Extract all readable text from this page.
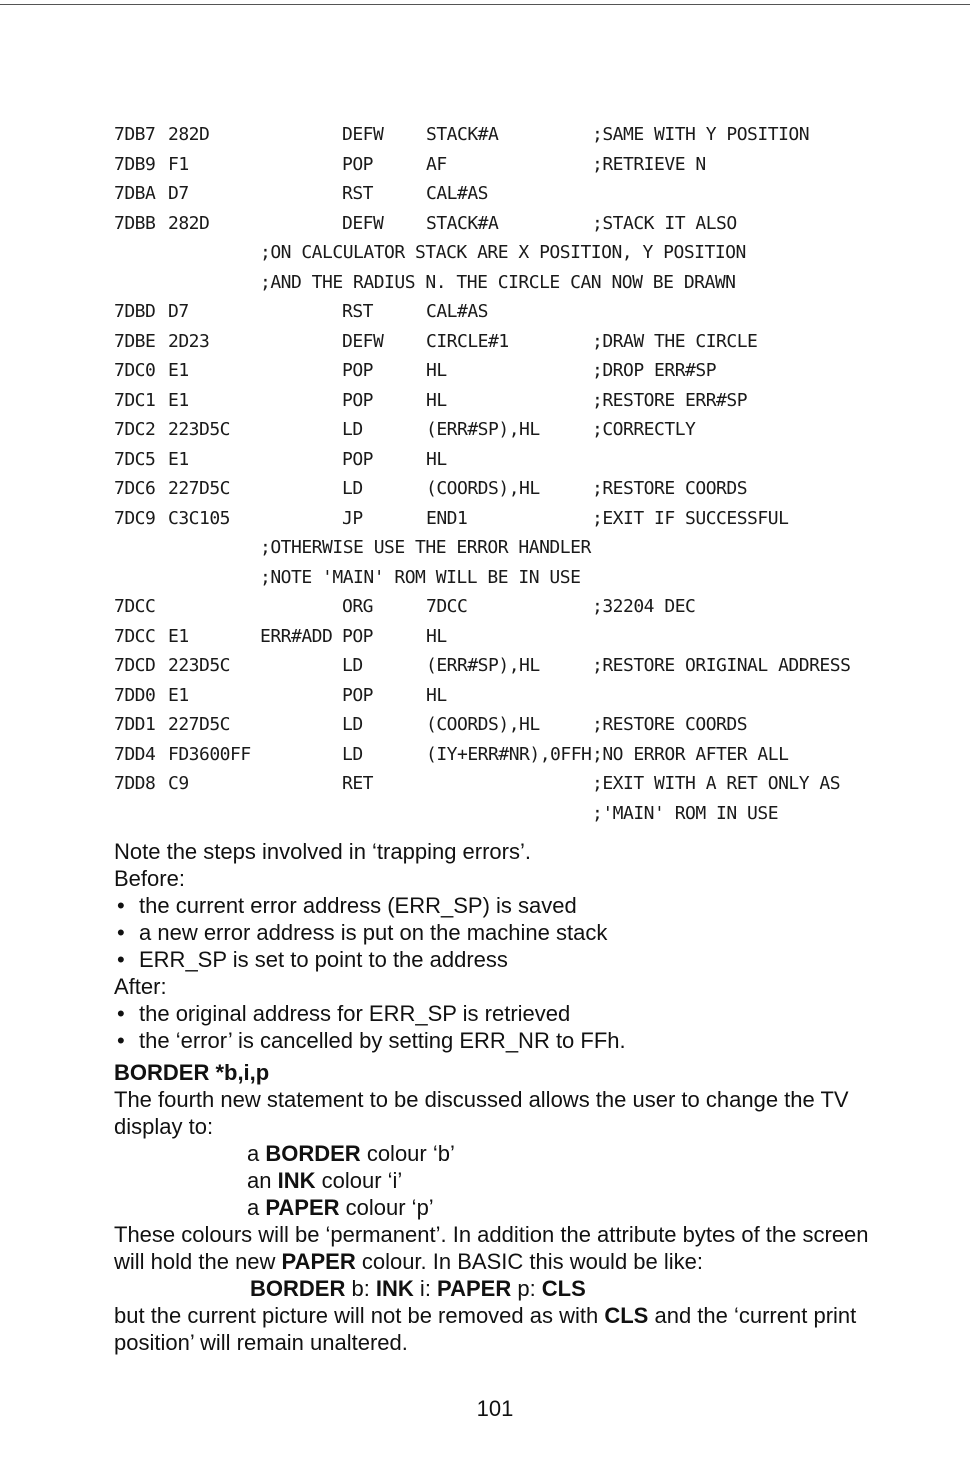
7DB7 282D	DEFW STACK#A	;SAME WITH Y POSITION
7DB9 F1	POP	AF	;RETRIEVE N
7DBA D7	RST	CAL#AS
7DBB 282D	DEFW STACK#A	;STACK IT ALSO
;ON CALCULATOR STACK ARE X POSITION, Y POSITION
;AND THE RADIUS N. THE CIRCLE CAN NOW BE DRAWN
7DBD D7	RST	CAL#AS
7DBE 2D23	DEFW CIRCLE#1	;DRAW THE CIRCLE
7DC0 E1	POP	HL	;DROP ERR#SP
7DC1 E1	POP	HL	;RESTORE ERR#SP
7DC2 223D5C	LD	(ERR#SP),HL	;CORRECTLY
7DC5 E1	POP	HL
7DC6 227D5C	LD	(COORDS),HL	;RESTORE COORDS
7DC9 C3C105	JP	END1	;EXIT IF SUCCESSFUL
;OTHERWISE USE THE ERROR HANDLER
;NOTE 'MAIN' ROM WILL BE IN USE
7DCC	ORG	7DCC	;32204 DEC
7DCC E1	ERR#ADD POP	HL
7DCD 223D5C	LD	(ERR#SP),HL	;RESTORE ORIGINAL ADDRESS
7DD0 E1	POP	HL
7DD1 227D5C	LD	(COORDS),HL	;RESTORE COORDS
7DD4 FD3600FF	LD	(IY+ERR#NR),0FFH ;NO ERROR AFTER ALL
7DD8 C9	RET	;EXIT WITH A RET ONLY AS
;'MAIN' ROM IN USE

Note the steps involved in ‘trapping errors’.

Before:

• the current error address (ERR_SP) is saved

• a new error address is put on the machine stack

• ERR_SP is set to point to the address

After:

• the original address for ERR_SP is retrieved

• the ‘error’ is cancelled by setting ERR_NR to FFh.

BORDER *b,i,p

The fourth new statement to be discussed allows the user to change the TV display to:

a BORDER colour ‘b’

an INK colour ‘i’

a PAPER colour ‘p’

These colours will be ‘permanent’. In addition the attribute bytes of the screen will hold the new PAPER colour. In BASIC this would be like:

BORDER b: INK i: PAPER p: CLS

but the current picture will not be removed as with CLS and the ‘current print position’ will remain unaltered.

101
